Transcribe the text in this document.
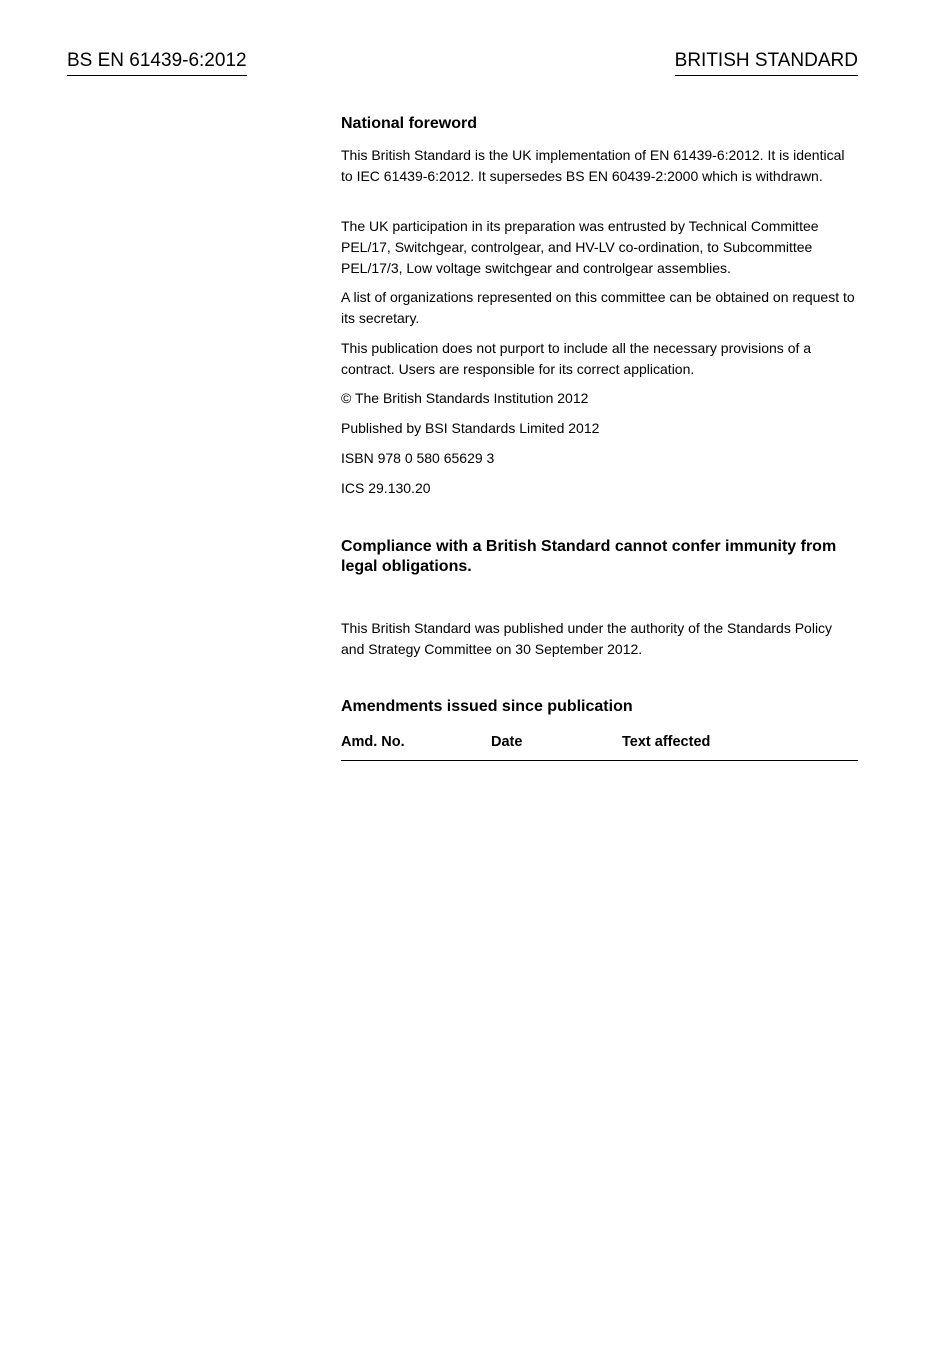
BS EN 61439-6:2012	BRITISH STANDARD

National foreword

This British Standard is the UK implementation of EN 61439-6:2012. It is identical to IEC 61439-6:2012. It supersedes BS EN 60439-2:2000 which is withdrawn.

The UK participation in its preparation was entrusted by Technical Committee PEL/17, Switchgear, controlgear, and HV-LV co-ordination, to Subcommittee PEL/17/3, Low voltage switchgear and controlgear assemblies.

A list of organizations represented on this committee can be obtained on request to its secretary.

This publication does not purport to include all the necessary provisions of a contract. Users are responsible for its correct application.

© The British Standards Institution 2012

Published by BSI Standards Limited 2012

ISBN 978 0 580 65629 3

ICS 29.130.20

Compliance with a British Standard cannot confer immunity from legal obligations.

This British Standard was published under the authority of the Standards Policy and Strategy Committee on 30 September 2012.

Amendments issued since publication

Amd. No.	Date	Text affected
